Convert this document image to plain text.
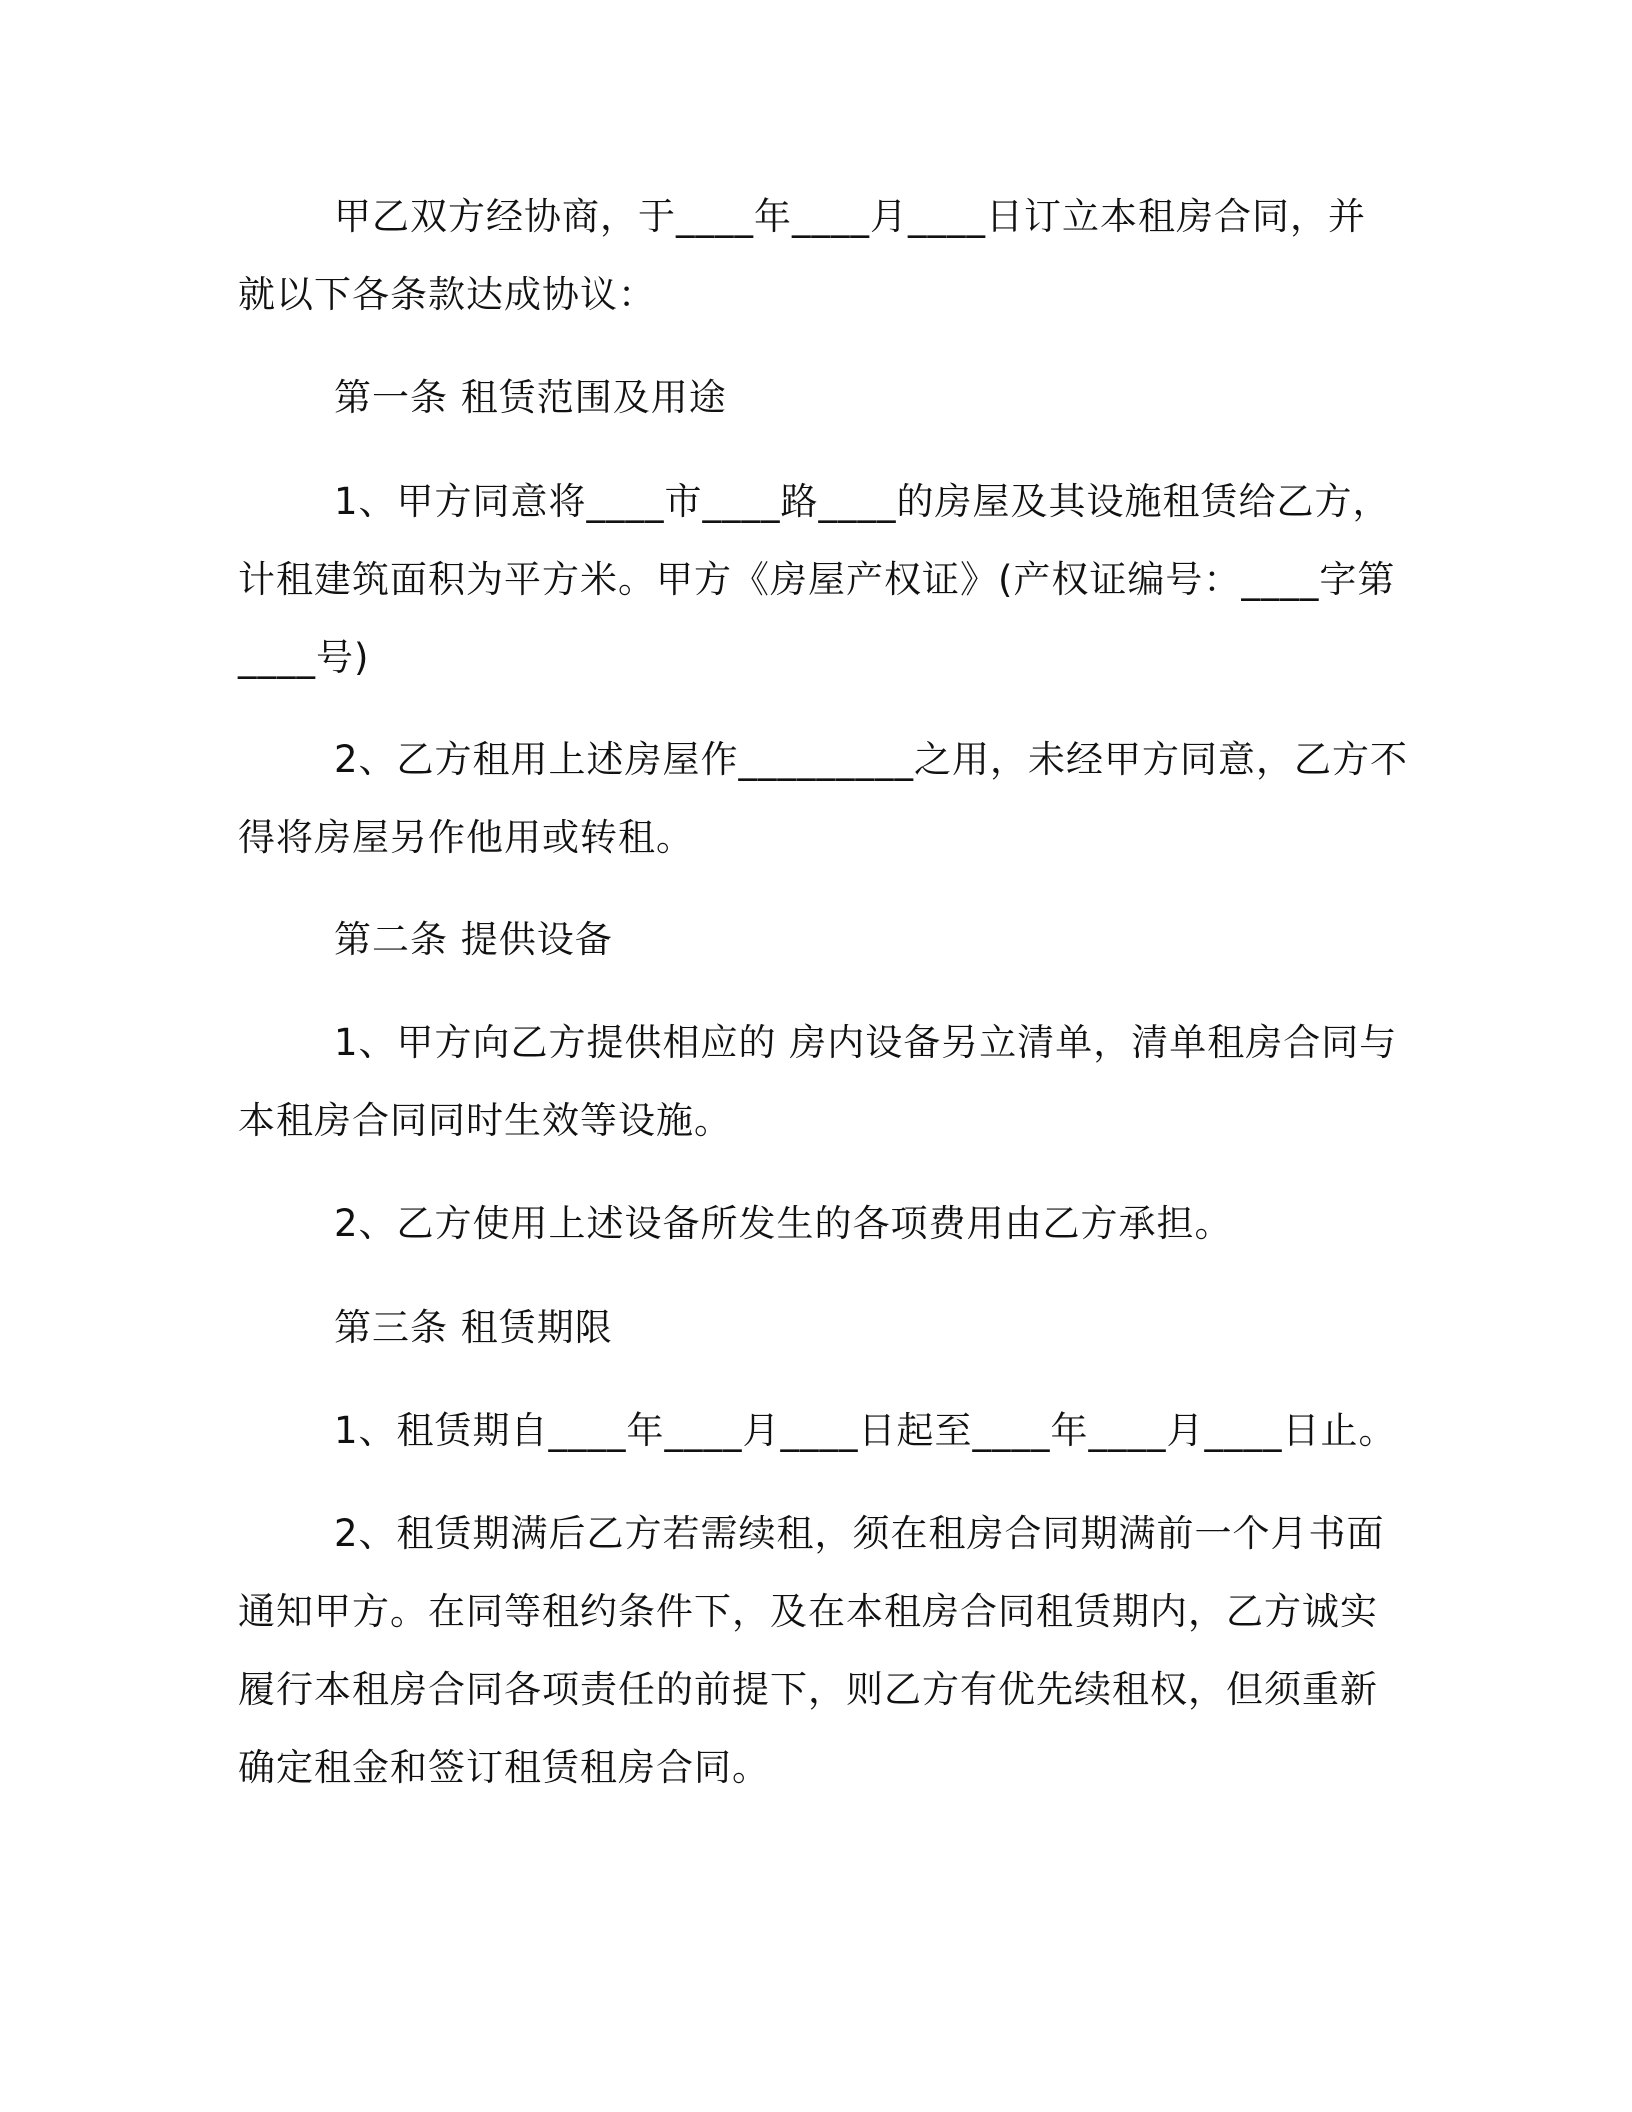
甲乙双方经协商，于____年____月____日订立本租房合同，并
就以下各条款达成协议：
第一条 租赁范围及用途
1、甲方同意将____市____路____的房屋及其设施租赁给乙方，
计租建筑面积为平方米。甲方《房屋产权证》(产权证编号：____字第
____号)
2、乙方租用上述房屋作_________之用，未经甲方同意，乙方不
得将房屋另作他用或转租。
第二条 提供设备
1、甲方向乙方提供相应的 房内设备另立清单，清单租房合同与
本租房合同同时生效等设施。
2、乙方使用上述设备所发生的各项费用由乙方承担。
第三条 租赁期限
1、租赁期自____年____月____日起至____年____月____日止。
2、租赁期满后乙方若需续租，须在租房合同期满前一个月书面
通知甲方。在同等租约条件下，及在本租房合同租赁期内，乙方诚实
履行本租房合同各项责任的前提下，则乙方有优先续租权，但须重新
确定租金和签订租赁租房合同。
